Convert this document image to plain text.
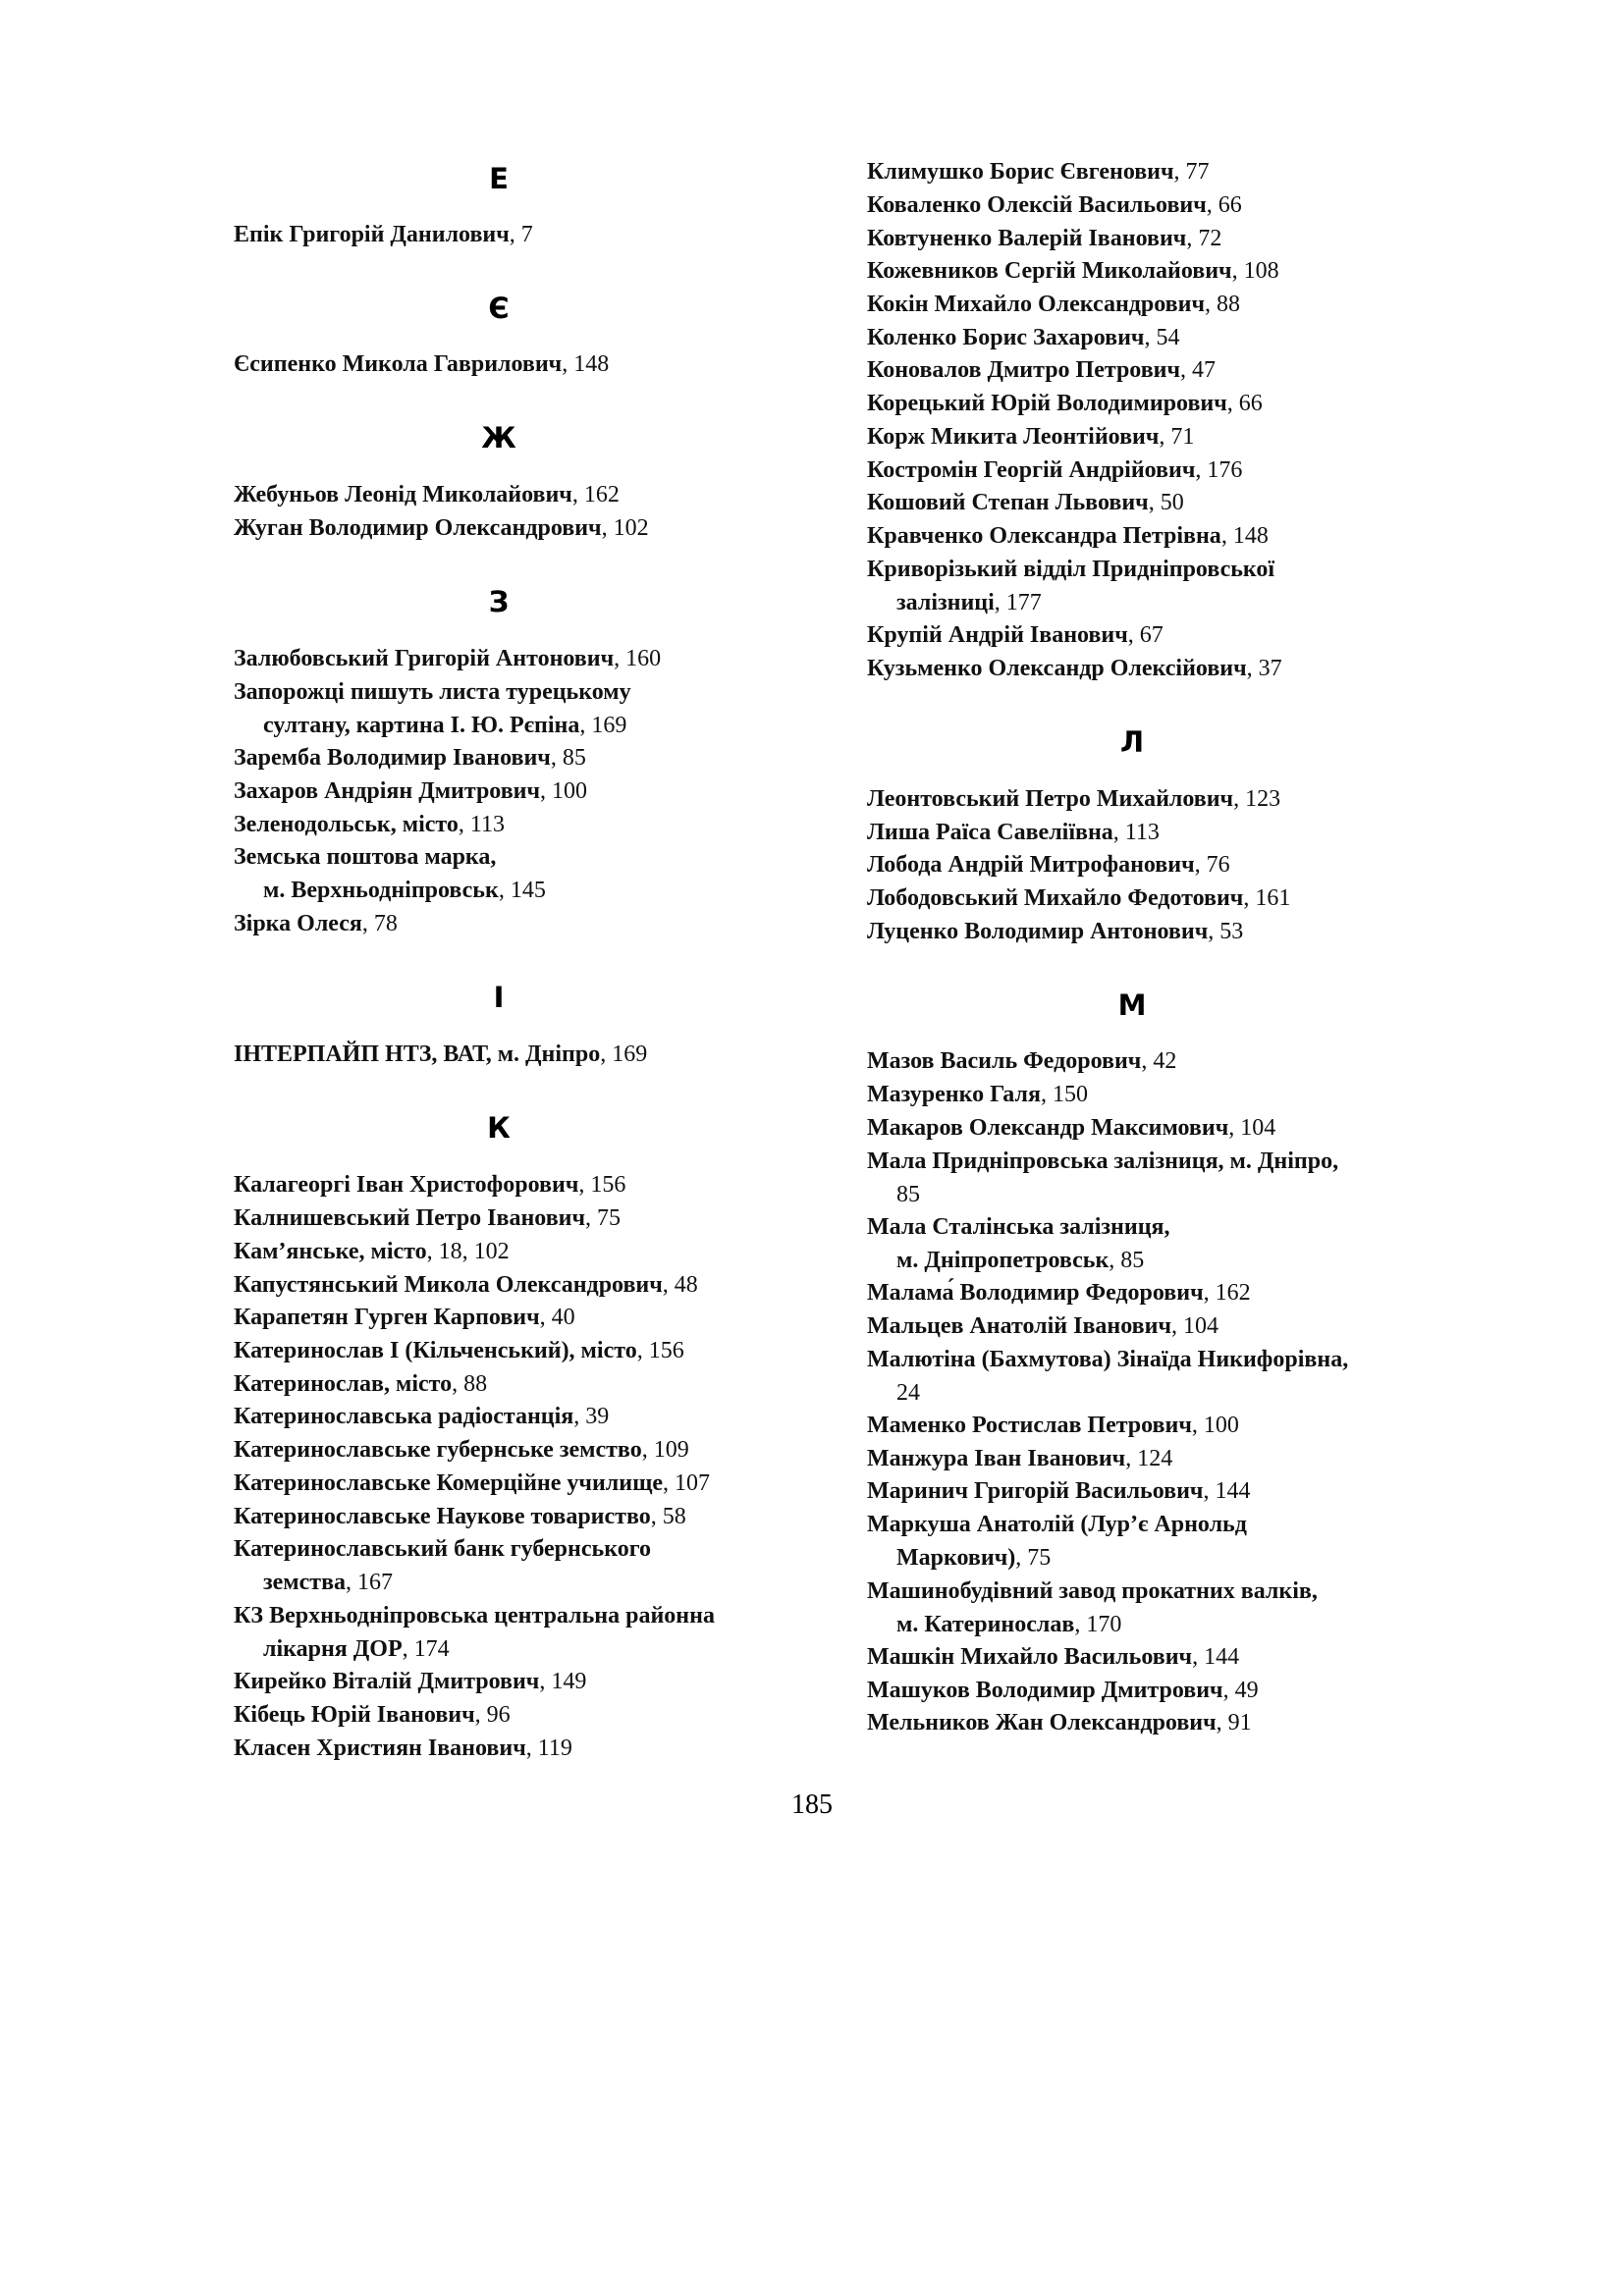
Е
Епік Григорій Данилович, 7
Є
Єсипенко Микола Гаврилович, 148
Ж
Жебуньов Леонід Миколайович, 162
Жуган Володимир Олександрович, 102
З
Залюбовський Григорій Антонович, 160
Запорожці пишуть листа турецькому
султану, картина І. Ю. Рєпіна, 169
Заремба Володимир Іванович, 85
Захаров Андріян Дмитрович, 100
Зеленодольськ, місто, 113
Земська поштова марка,
м. Верхньодніпровськ, 145
Зірка Олеся, 78
І
ІНТЕРПАЙП НТЗ, ВАТ, м. Дніпро, 169
К
Калагеоргі Іван Христофорович, 156
Калнишевський Петро Іванович, 75
Кам’янське, місто, 18, 102
Капустянський Микола Олександрович, 48
Карапетян Гурген Карпович, 40
Катеринослав І (Кільченський), місто, 156
Катеринослав, місто, 88
Катеринославська радіостанція, 39
Катеринославське губернське земство, 109
Катеринославське Комерційне училище, 107
Катеринославське Наукове товариство, 58
Катеринославський банк губернського
земства, 167
КЗ Верхньодніпровська центральна районна
лікарня ДОР, 174
Кирейко Віталій Дмитрович, 149
Кібець Юрій Іванович, 96
Класен Християн Іванович, 119
Климушко Борис Євгенович, 77
Коваленко Олексій Васильович, 66
Ковтуненко Валерій Іванович, 72
Кожевников Сергій Миколайович, 108
Кокін Михайло Олександрович, 88
Коленко Борис Захарович, 54
Коновалов Дмитро Петрович, 47
Корецький Юрій Володимирович, 66
Корж Микита Леонтійович, 71
Костромін Георгій Андрійович, 176
Кошовий Степан Львович, 50
Кравченко Олександра Петрівна, 148
Криворізький відділ Придніпровської
залізниці, 177
Крупій Андрій Іванович, 67
Кузьменко Олександр Олексійович, 37
Л
Леонтовський Петро Михайлович, 123
Лиша Раїса Савеліївна, 113
Лобода Андрій Митрофанович, 76
Лободовський Михайло Федотович, 161
Луценко Володимир Антонович, 53
М
Мазов Василь Федорович, 42
Мазуренко Галя, 150
Макаров Олександр Максимович, 104
Мала Придніпровська залізниця, м. Дніпро,
85
Мала Сталінська залізниця,
м. Дніпропетровськ, 85
Малама́ Володимир Федорович, 162
Мальцев Анатолій Іванович, 104
Малютіна (Бахмутова) Зінаїда Никифорівна,
24
Маменко Ростислав Петрович, 100
Манжура Іван Іванович, 124
Маринич Григорій Васильович, 144
Маркуша Анатолій (Лур’є Арнольд
Маркович), 75
Машинобудівний завод прокатних валків,
м. Катеринослав, 170
Машкін Михайло Васильович, 144
Машуков Володимир Дмитрович, 49
Мельников Жан Олександрович, 91
185
